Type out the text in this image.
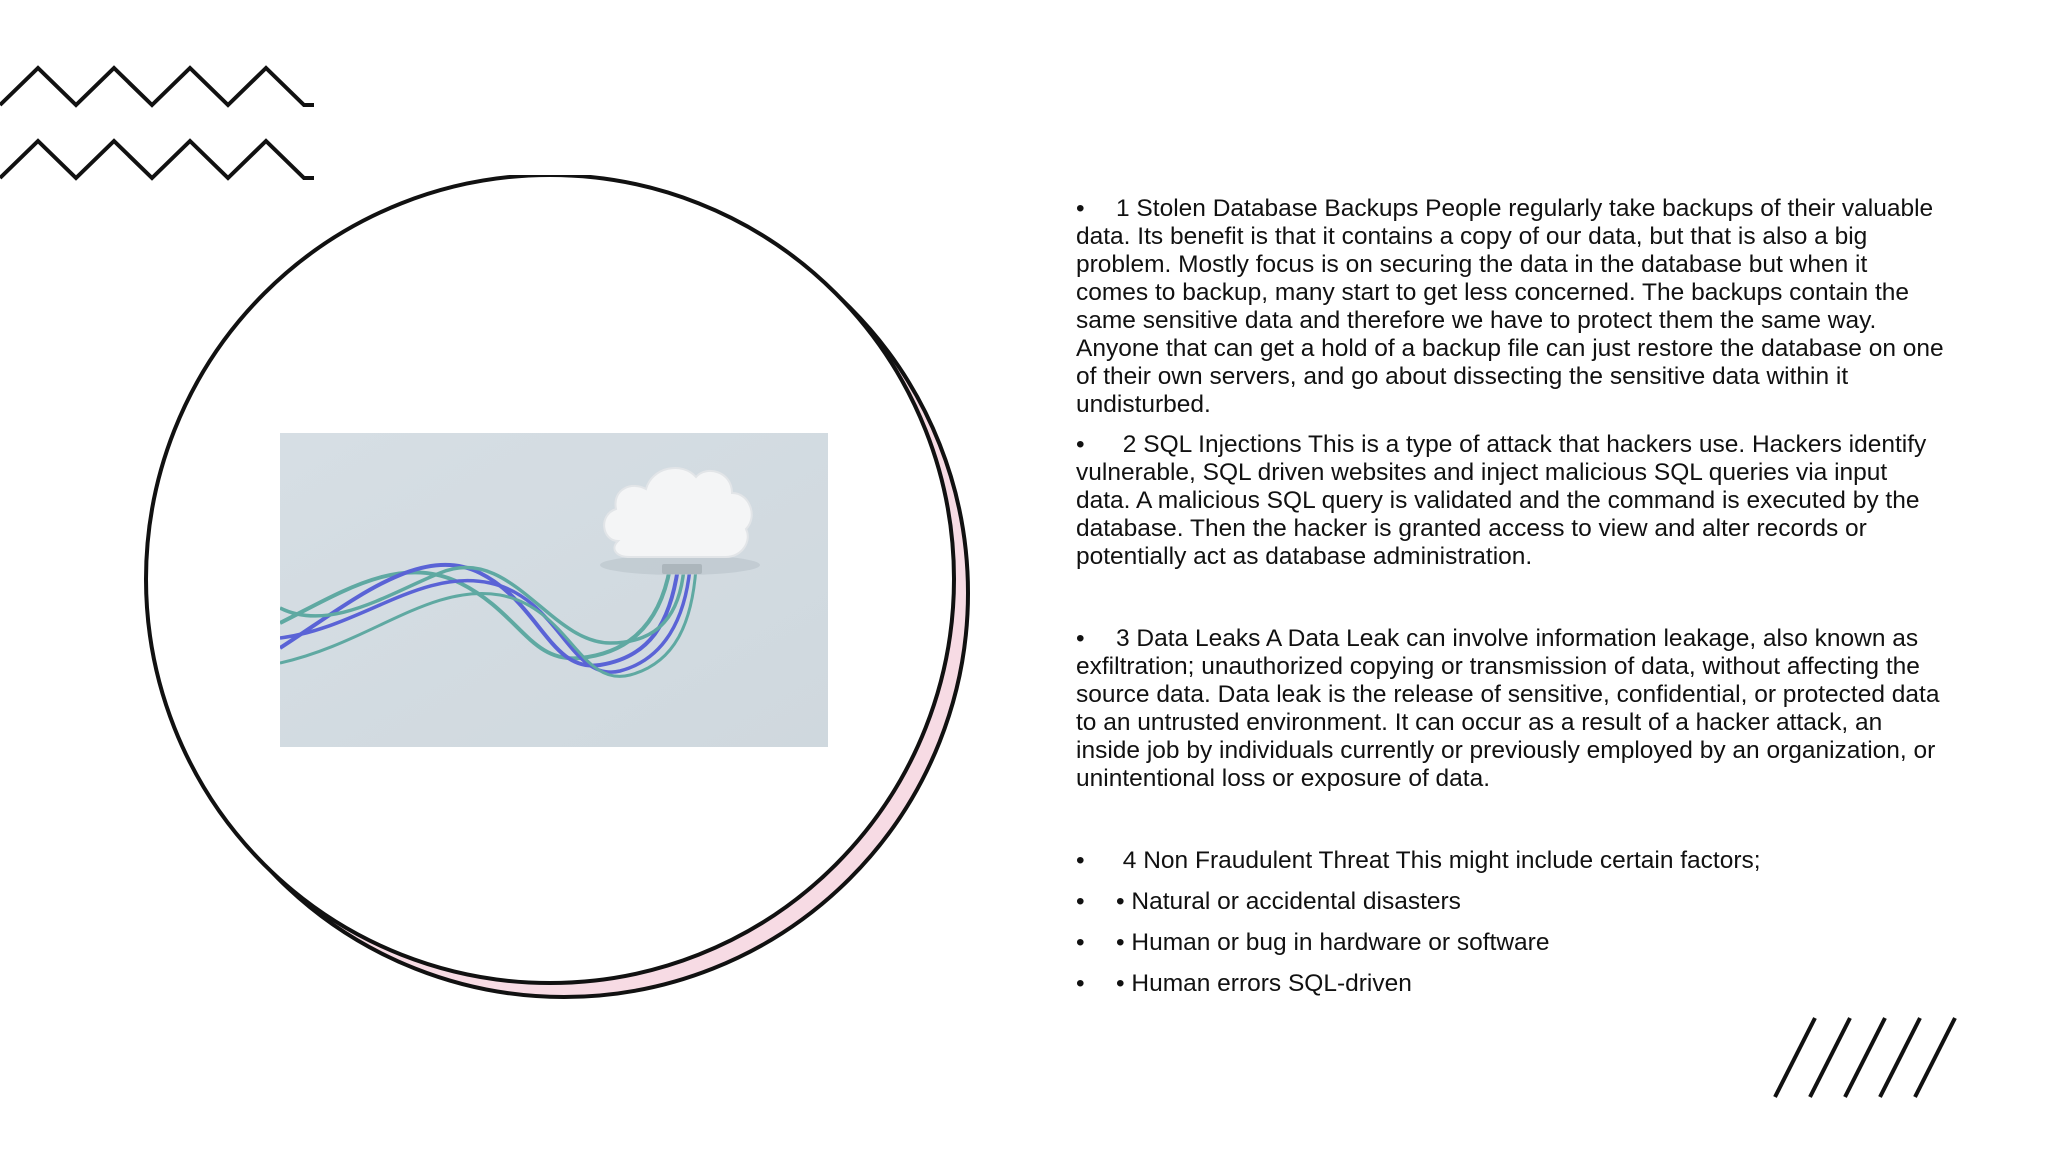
• 1 Stolen Database Backups People regularly take backups of their valuable data. Its benefit is that it contains a copy of our data, but that is also a big problem. Mostly focus is on securing the data in the database but when it comes to backup, many start to get less concerned. The backups contain the same sensitive data and therefore we have to protect them the same way. Anyone that can get a hold of a backup file can just restore the database on one of their own servers, and go about dissecting the sensitive data within it undisturbed.

• 2 SQL Injections This is a type of attack that hackers use. Hackers identify vulnerable, SQL driven websites and inject malicious SQL queries via input data. A malicious SQL query is validated and the command is executed by the database. Then the hacker is granted access to view and alter records or potentially act as database administration.

• 3 Data Leaks A Data Leak can involve information leakage, also known as exfiltration; unauthorized copying or transmission of data, without affecting the source data. Data leak is the release of sensitive, confidential, or protected data to an untrusted environment. It can occur as a result of a hacker attack, an inside job by individuals currently or previously employed by an organization, or unintentional loss or exposure of data.

• 4 Non Fraudulent Threat This might include certain factors;

• • Natural or accidental disasters

• • Human or bug in hardware or software

• • Human errors SQL-driven
